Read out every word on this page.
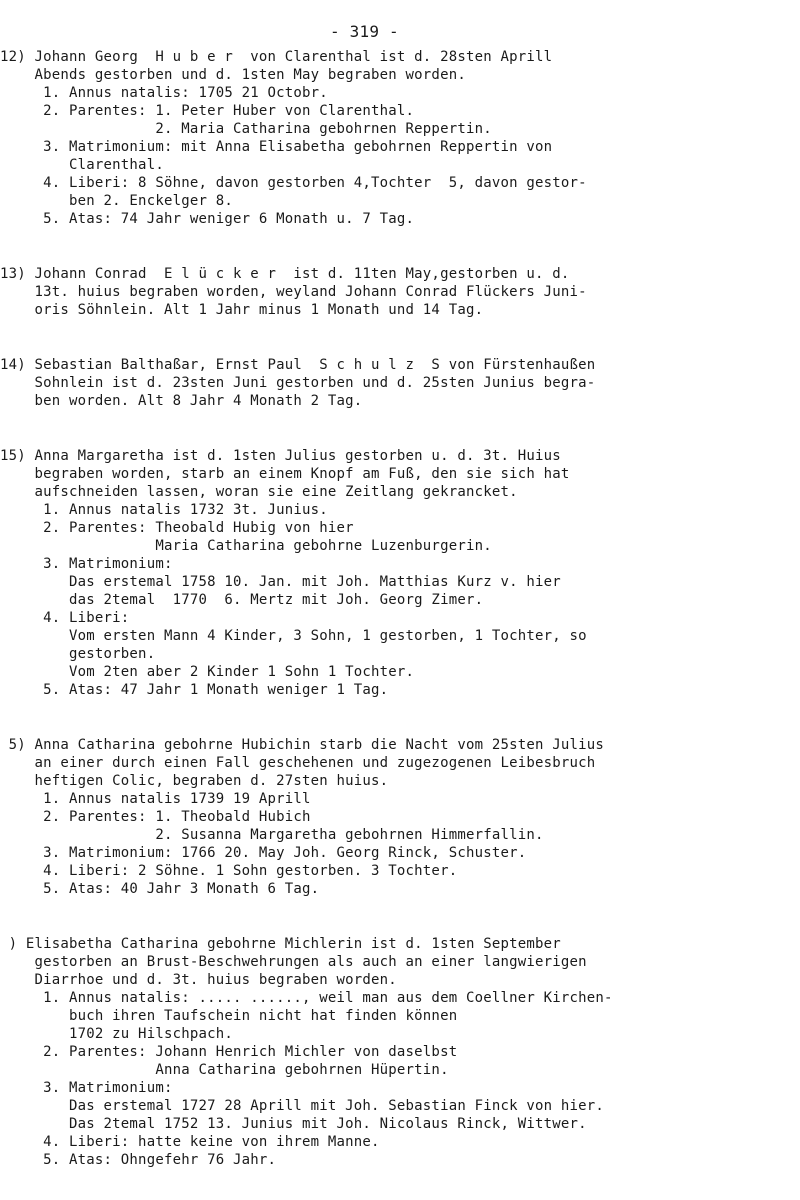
- 319 -
12) Johann Georg  H u b e r  von Clarenthal ist d. 28sten Aprill
Abends gestorben und d. 1sten May begraben worden.
1. Annus natalis: 1705 21 Octobr.
2. Parentes: 1. Peter Huber von Clarenthal.
2. Maria Catharina gebohrnen Reppertin.
3. Matrimonium: mit Anna Elisabetha gebohrnen Reppertin von
Clarenthal.
4. Liberi: 8 Söhne, davon gestorben 4,Tochter  5, davon gestor-
ben 2. Enckelger 8.
5. Atas: 74 Jahr weniger 6 Monath u. 7 Tag.
13) Johann Conrad  E l ü c k e r  ist d. 11ten May,gestorben u. d.
13t. huius begraben worden, weyland Johann Conrad Flückers Juni-
oris Söhnlein. Alt 1 Jahr minus 1 Monath und 14 Tag.
14) Sebastian Balthaßar, Ernst Paul  S c h u l z  S von Fürstenhaußen
Sohnlein ist d. 23sten Juni gestorben und d. 25sten Junius begra-
ben worden. Alt 8 Jahr 4 Monath 2 Tag.
15) Anna Margaretha ist d. 1sten Julius gestorben u. d. 3t. Huius
begraben worden, starb an einem Knopf am Fuß, den sie sich hat
aufschneiden lassen, woran sie eine Zeitlang gekrancket.
1. Annus natalis 1732 3t. Junius.
2. Parentes: Theobald Hubig von hier
Maria Catharina gebohrne Luzenburgerin.
3. Matrimonium:
Das erstemal 1758 10. Jan. mit Joh. Matthias Kurz v. hier
das 2temal  1770  6. Mertz mit Joh. Georg Zimer.
4. Liberi:
Vom ersten Mann 4 Kinder, 3 Sohn, 1 gestorben, 1 Tochter, so
gestorben.
Vom 2ten aber 2 Kinder 1 Sohn 1 Tochter.
5. Atas: 47 Jahr 1 Monath weniger 1 Tag.
5) Anna Catharina gebohrne Hubichin starb die Nacht vom 25sten Julius
an einer durch einen Fall geschehenen und zugezogenen Leibesbruch
heftigen Colic, begraben d. 27sten huius.
1. Annus natalis 1739 19 Aprill
2. Parentes: 1. Theobald Hubich
2. Susanna Margaretha gebohrnen Himmerfallin.
3. Matrimonium: 1766 20. May Joh. Georg Rinck, Schuster.
4. Liberi: 2 Söhne. 1 Sohn gestorben. 3 Tochter.
5. Atas: 40 Jahr 3 Monath 6 Tag.
) Elisabetha Catharina gebohrne Michlerin ist d. 1sten September
gestorben an Brust-Beschwehrungen als auch an einer langwierigen
Diarrhoe und d. 3t. huius begraben worden.
1. Annus natalis: ..... ......, weil man aus dem Coellner Kirchen-
buch ihren Taufschein nicht hat finden können
1702 zu Hilschpach.
2. Parentes: Johann Henrich Michler von daselbst
Anna Catharina gebohrnen Hüpertin.
3. Matrimonium:
Das erstemal 1727 28 Aprill mit Joh. Sebastian Finck von hier.
Das 2temal 1752 13. Junius mit Joh. Nicolaus Rinck, Wittwer.
4. Liberi: hatte keine von ihrem Manne.
5. Atas: Ohngefehr 76 Jahr.
